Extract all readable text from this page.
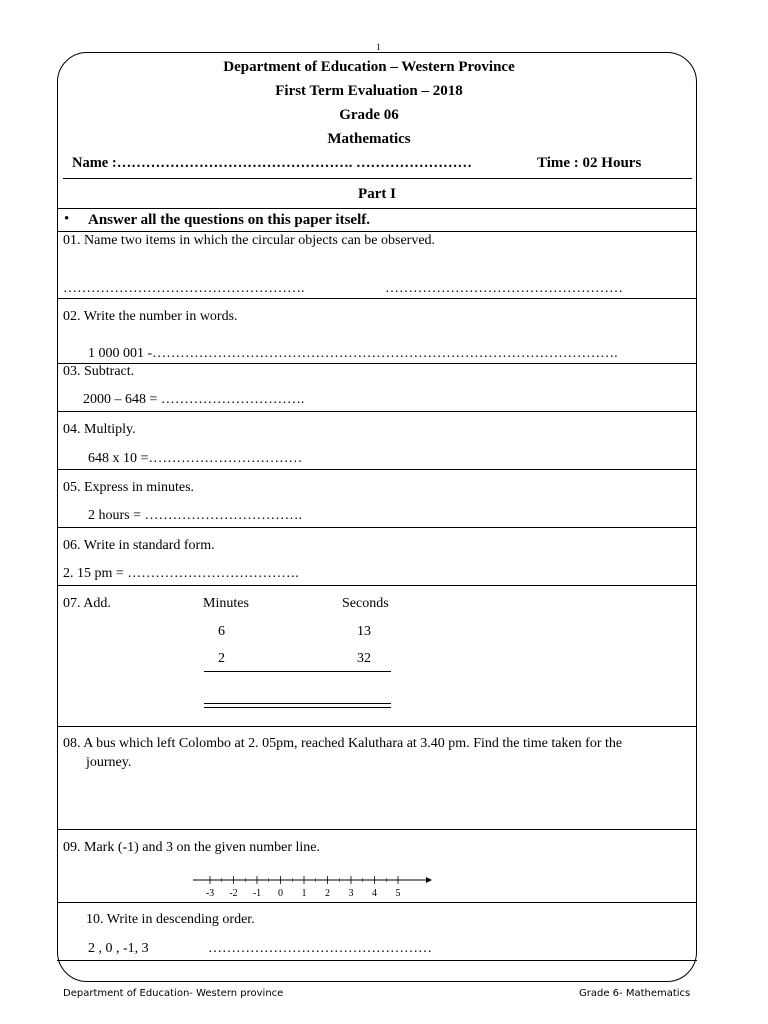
1
Department of Education – Western Province
First Term Evaluation – 2018
Grade 06
Mathematics
Name :…………………………………………. ……………………	Time : 02 Hours
Part I
• Answer all the questions on this paper itself.
01. Name two items in which the circular objects can be observed.
…………………………………………….	……………………………………………
02. Write the number in words.
1 000 001 -……………………………………………………………………………………….
03. Subtract.
2000 – 648 = ………………………….
04. Multiply.
648 x 10 =……………………………
05. Express in minutes.
2 hours = …………………………….
06. Write in standard form.
2. 15 pm = ……………………………….
07. Add.	Minutes	Seconds
6	13
2	32
08. A bus which left Colombo at 2. 05pm, reached Kaluthara at 3.40 pm. Find the time taken for the
journey.
09. Mark (-1) and 3 on the given number line.
-3 -2 -1 0 1 2 3 4 5
10. Write in descending order.
2 , 0 , -1, 3	…………………………………………
Department of Education- Western province	Grade 6- Mathematics
